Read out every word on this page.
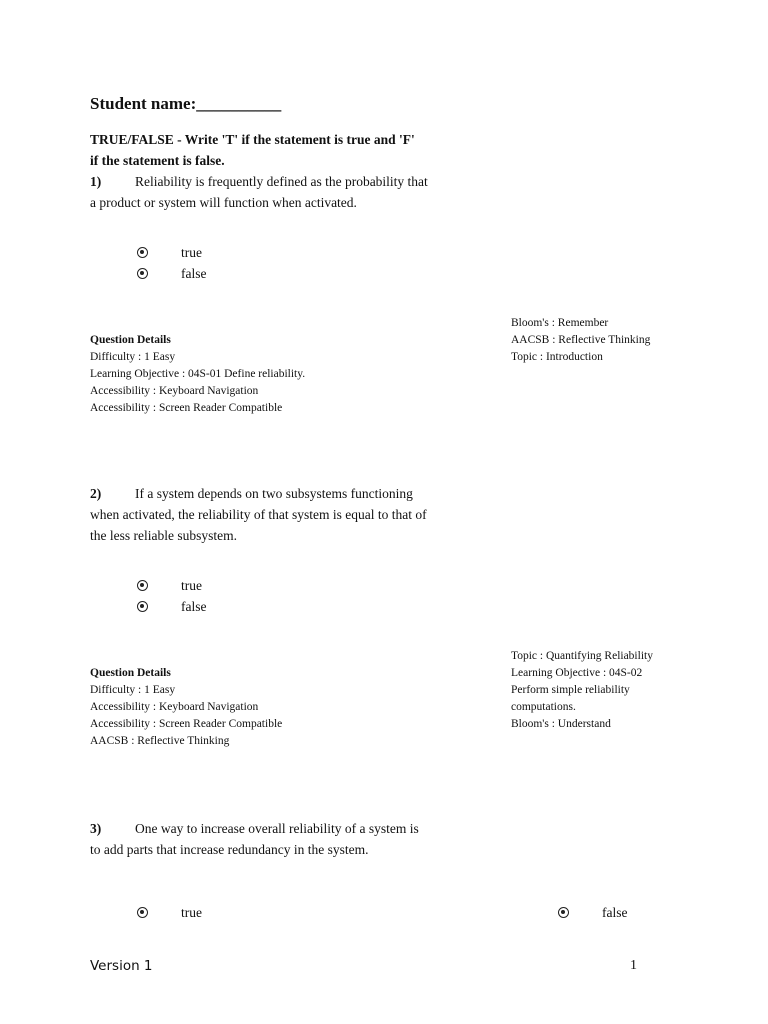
Student name:__________
TRUE/FALSE - Write 'T' if the statement is true and 'F'
if the statement is false.
1)	Reliability is frequently defined as the probability that
a product or system will function when activated.
true
false
Question Details
Difficulty : 1 Easy
Learning Objective : 04S-01 Define reliability.
Accessibility : Keyboard Navigation
Accessibility : Screen Reader Compatible
Bloom's : Remember
AACSB : Reflective Thinking
Topic : Introduction
2)	If a system depends on two subsystems functioning
when activated, the reliability of that system is equal to that of
the less reliable subsystem.
true
false
Question Details
Difficulty : 1 Easy
Accessibility : Keyboard Navigation
Accessibility : Screen Reader Compatible
AACSB : Reflective Thinking
Topic : Quantifying Reliability
Learning Objective : 04S-02
Perform simple reliability
computations.
Bloom's : Understand
3)	One way to increase overall reliability of a system is
to add parts that increase redundancy in the system.
true	false
Version 1	1
